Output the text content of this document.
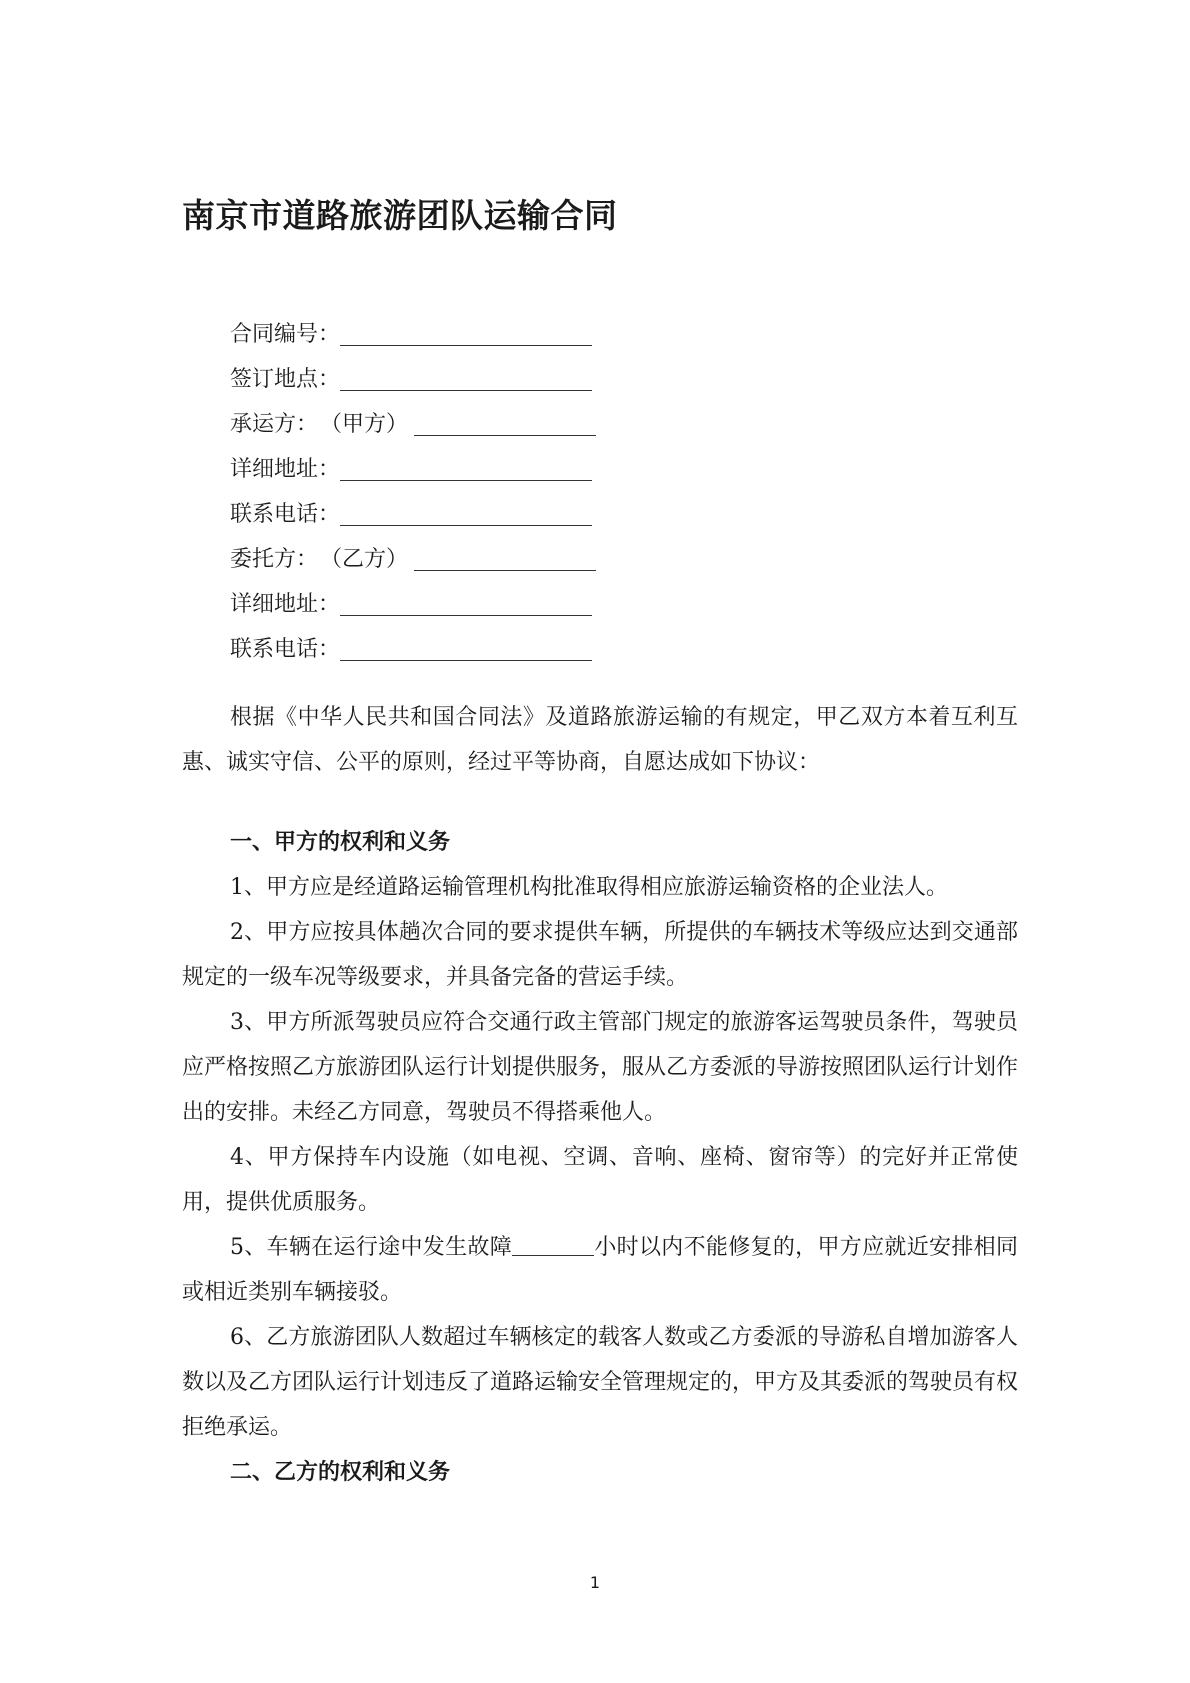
南京市道路旅游团队运输合同
合同编号：
签订地点：
承运方： （甲方）
详细地址：
联系电话：
委托方： （乙方）
详细地址：
联系电话：

根据《中华人民共和国合同法》及道路旅游运输的有规定，甲乙双方本着互利互惠、诚实守信、公平的原则，经过平等协商，自愿达成如下协议：

一、甲方的权利和义务

1、甲方应是经道路运输管理机构批准取得相应旅游运输资格的企业法人。

2、甲方应按具体趟次合同的要求提供车辆，所提供的车辆技术等级应达到交通部规定的一级车况等级要求，并具备完备的营运手续。

3、甲方所派驾驶员应符合交通行政主管部门规定的旅游客运驾驶员条件，驾驶员应严格按照乙方旅游团队运行计划提供服务，服从乙方委派的导游按照团队运行计划作出的安排。未经乙方同意，驾驶员不得搭乘他人。

4、甲方保持车内设施（如电视、空调、音响、座椅、窗帘等）的完好并正常使用，提供优质服务。

5、车辆在运行途中发生故障	小时以内不能修复的，甲方应就近安排相同或相近类别车辆接驳。

6、乙方旅游团队人数超过车辆核定的载客人数或乙方委派的导游私自增加游客人数以及乙方团队运行计划违反了道路运输安全管理规定的，甲方及其委派的驾驶员有权拒绝承运。

二、乙方的权利和义务

1
